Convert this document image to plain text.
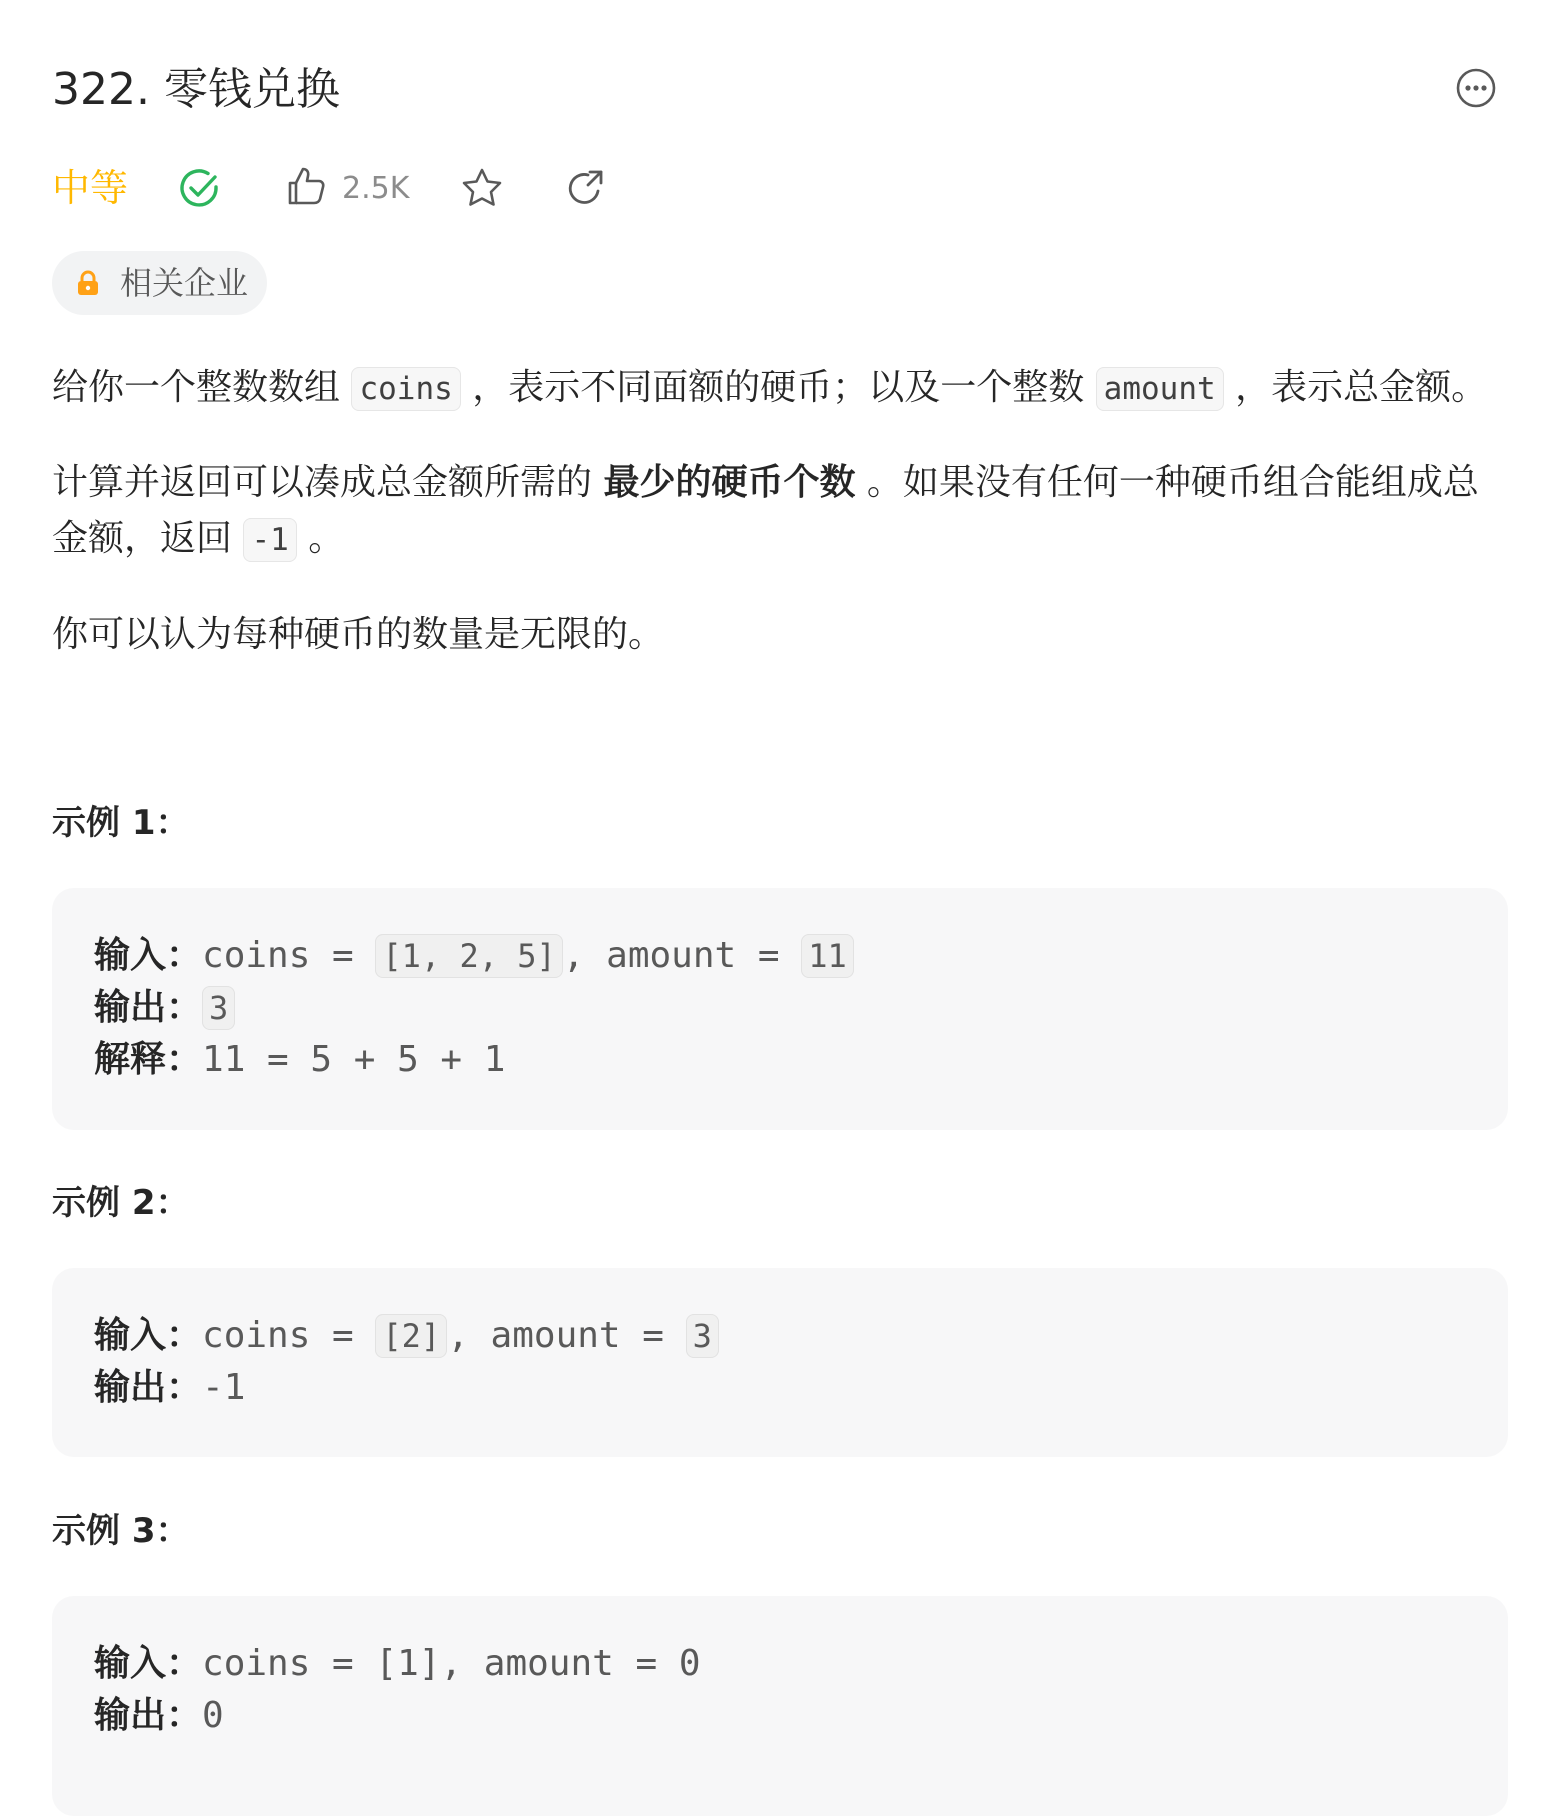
322. 零钱兑换
中等	2.5K
相关企业

给你一个整数数组 coins ，表示不同面额的硬币；以及一个整数 amount ，表示总金额。

计算并返回可以凑成总金额所需的 最少的硬币个数 。如果没有任何一种硬币组合能组成总金额，返回 -1 。

你可以认为每种硬币的数量是无限的。

示例 1：
输入：coins = [1, 2, 5] , amount = 11
输出： 3
解释：11 = 5 + 5 + 1
示例 2：
输入：coins = [2] , amount = 3
输出：-1
示例 3：
输入：coins = [1], amount = 0
输出：0
